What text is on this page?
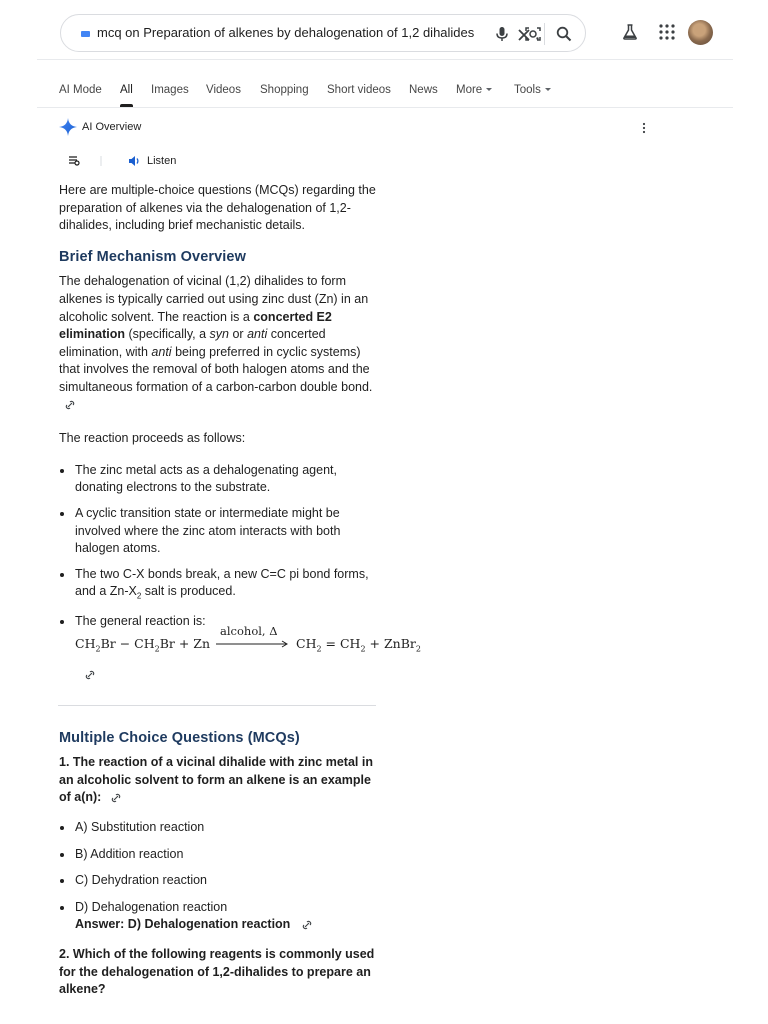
mcq on Preparation of alkenes by dehalogenation of 1,2 dihalides
AI Mode All Images Videos Shopping Short videos News More	Tools
AI Overview
Listen

Here are multiple-choice questions (MCQs) regarding the preparation of alkenes via the dehalogenation of 1,2-dihalides, including brief mechanistic details.

Brief Mechanism Overview

The dehalogenation of vicinal (1,2) dihalides to form alkenes is typically carried out using zinc dust (Zn) in an alcoholic solvent. The reaction is a concerted E2 elimination (specifically, a syn or anti concerted elimination, with anti being preferred in cyclic systems) that involves the removal of both halogen atoms and the simultaneous formation of a carbon-carbon double bond.

The reaction proceeds as follows:

The zinc metal acts as a dehalogenating agent, donating electrons to the substrate.
A cyclic transition state or intermediate might be involved where the zinc atom interacts with both halogen atoms.
The two C-X bonds break, a new C=C pi bond forms, and a $Zn-X_2$ salt is produced.
The general reaction is:
$CH_2Br - CH_2Br + Zn$
alcohol, Δ
$CH_2 = CH_2$ + ZnBr$_2$
Multiple Choice Questions (MCQs)

1. The reaction of a vicinal dihalide with zinc metal in an alcoholic solvent to form an alkene is an example of a(n):

A) Substitution reaction
B) Addition reaction
C) Dehydration reaction
D) Dehalogenation reaction
Answer: D) Dehalogenation reaction

2. Which of the following reagents is commonly used for the dehalogenation of 1,2-dihalides to prepare an alkene?
